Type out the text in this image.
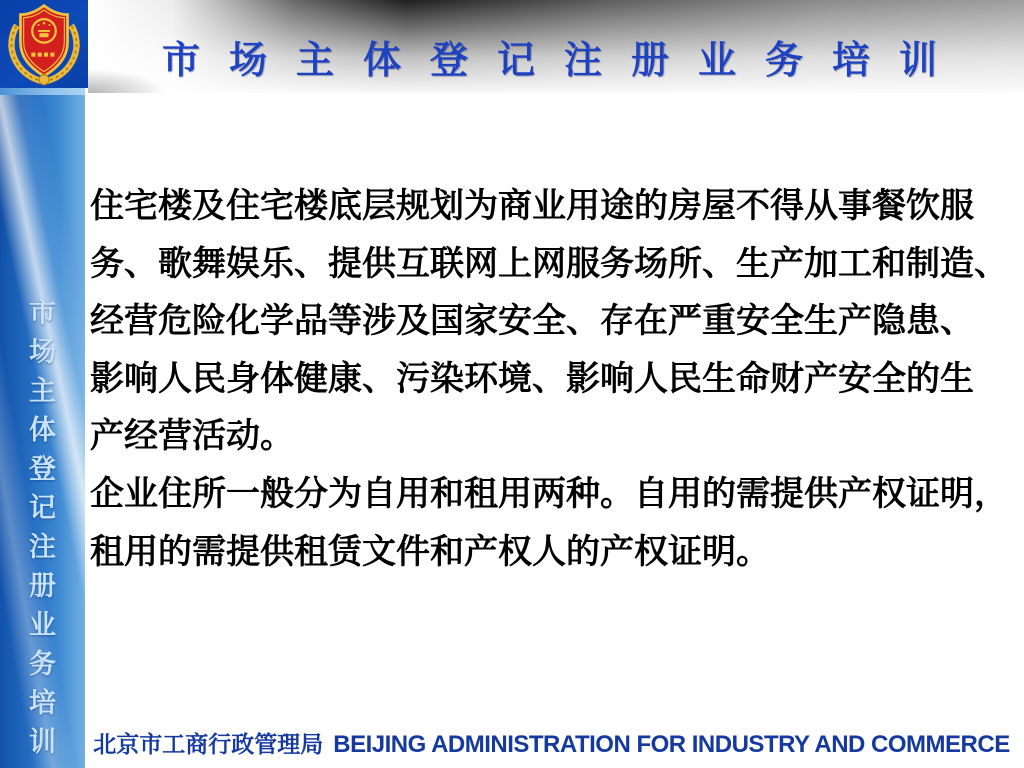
市场主体登记注册业务培训
市场主体登记注册业务培训
住宅楼及住宅楼底层规划为商业用途的房屋不得从事餐饮服
务、歌舞娱乐、提供互联网上网服务场所、生产加工和制造、
经营危险化学品等涉及国家安全、存在严重安全生产隐患、
影响人民身体健康、污染环境、影响人民生命财产安全的生
产经营活动。
企业住所一般分为自用和租用两种。自用的需提供产权证明，
租用的需提供租赁文件和产权人的产权证明。
北京市工商行政管理局 BEIJING ADMINISTRATION FOR INDUSTRY AND COMMERCE
